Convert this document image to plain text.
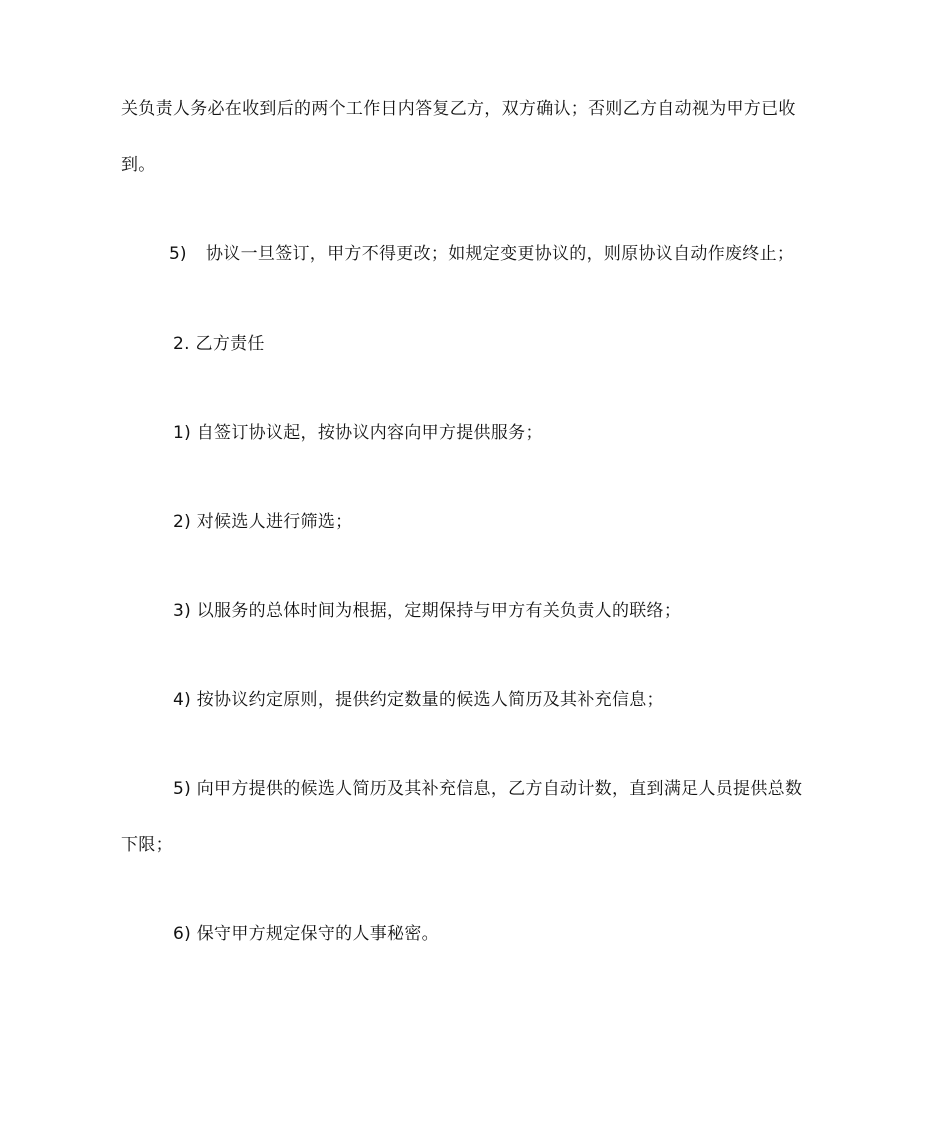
关负责人务必在收到后的两个工作日内答复乙方，双方确认；否则乙方自动视为甲方已收
到。
5) 协议一旦签订，甲方不得更改；如规定变更协议的，则原协议自动作废终止；
2. 乙方责任
1) 自签订协议起，按协议内容向甲方提供服务；
2) 对候选人进行筛选；
3) 以服务的总体时间为根据，定期保持与甲方有关负责人的联络；
4) 按协议约定原则，提供约定数量的候选人简历及其补充信息；
5) 向甲方提供的候选人简历及其补充信息，乙方自动计数，直到满足人员提供总数
下限；
6) 保守甲方规定保守的人事秘密。
